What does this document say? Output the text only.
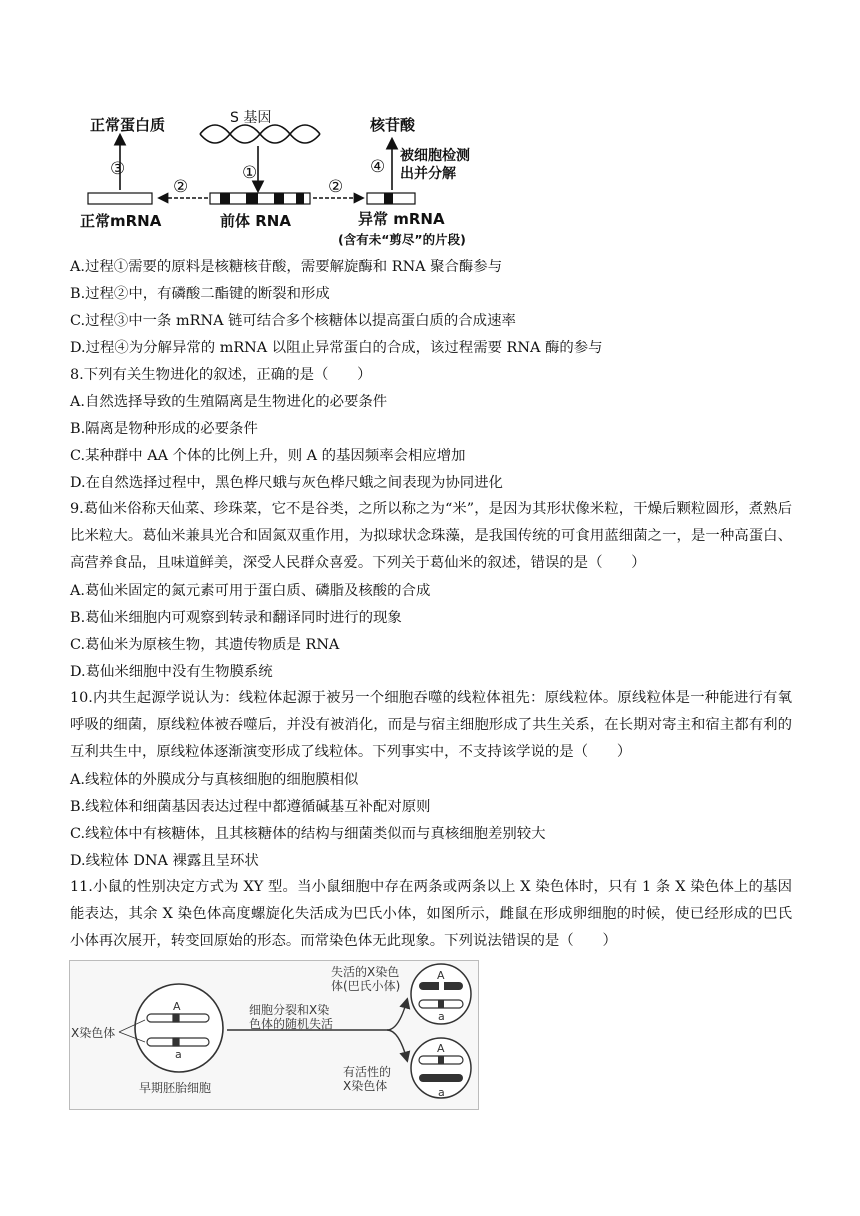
S 基因
①
前体 RNA
②
正常mRNA
③
正常蛋白质
②
异常 mRNA
(含有未“剪尽”的片段)
④
核苷酸
被细胞检测
出并分解
A.过程①需要的原料是核糖核苷酸，需要解旋酶和 RNA 聚合酶参与
B.过程②中，有磷酸二酯键的断裂和形成
C.过程③中一条 mRNA 链可结合多个核糖体以提高蛋白质的合成速率
D.过程④为分解异常的 mRNA 以阻止异常蛋白的合成，该过程需要 RNA 酶的参与
8.下列有关生物进化的叙述，正确的是（　　）
A.自然选择导致的生殖隔离是生物进化的必要条件
B.隔离是物种形成的必要条件
C.某种群中 AA 个体的比例上升，则 A 的基因频率会相应增加
D.在自然选择过程中，黑色桦尺蛾与灰色桦尺蛾之间表现为协同进化
9.葛仙米俗称天仙菜、珍珠菜，它不是谷类，之所以称之为“米”，是因为其形状像米粒，干燥后颗粒圆形，煮熟后比米粒大。葛仙米兼具光合和固氮双重作用，为拟球状念珠藻，是我国传统的可食用蓝细菌之一，是一种高蛋白、高营养食品，且味道鲜美，深受人民群众喜爱。下列关于葛仙米的叙述，错误的是（　　）
A.葛仙米固定的氮元素可用于蛋白质、磷脂及核酸的合成
B.葛仙米细胞内可观察到转录和翻译同时进行的现象
C.葛仙米为原核生物，其遗传物质是 RNA
D.葛仙米细胞中没有生物膜系统
10.内共生起源学说认为：线粒体起源于被另一个细胞吞噬的线粒体祖先：原线粒体。原线粒体是一种能进行有氧呼吸的细菌，原线粒体被吞噬后，并没有被消化，而是与宿主细胞形成了共生关系，在长期对寄主和宿主都有利的互利共生中，原线粒体逐渐演变形成了线粒体。下列事实中，不支持该学说的是（　　）
A.线粒体的外膜成分与真核细胞的细胞膜相似
B.线粒体和细菌基因表达过程中都遵循碱基互补配对原则
C.线粒体中有核糖体，且其核糖体的结构与细菌类似而与真核细胞差别较大
D.线粒体 DNA 裸露且呈环状
11.小鼠的性别决定方式为 XY 型。当小鼠细胞中存在两条或两条以上 X 染色体时，只有 1 条 X 染色体上的基因能表达，其余 X 染色体高度螺旋化失活成为巴氏小体，如图所示，雌鼠在形成卵细胞的时候，使已经形成的巴氏小体再次展开，转变回原始的形态。而常染色体无此现象。下列说法错误的是（　　）
A
a
X染色体
早期胚胎细胞
细胞分裂和X染
色体的随机失活
A
a
失活的X染色
体(巴氏小体)
A
a
有活性的
X染色体
